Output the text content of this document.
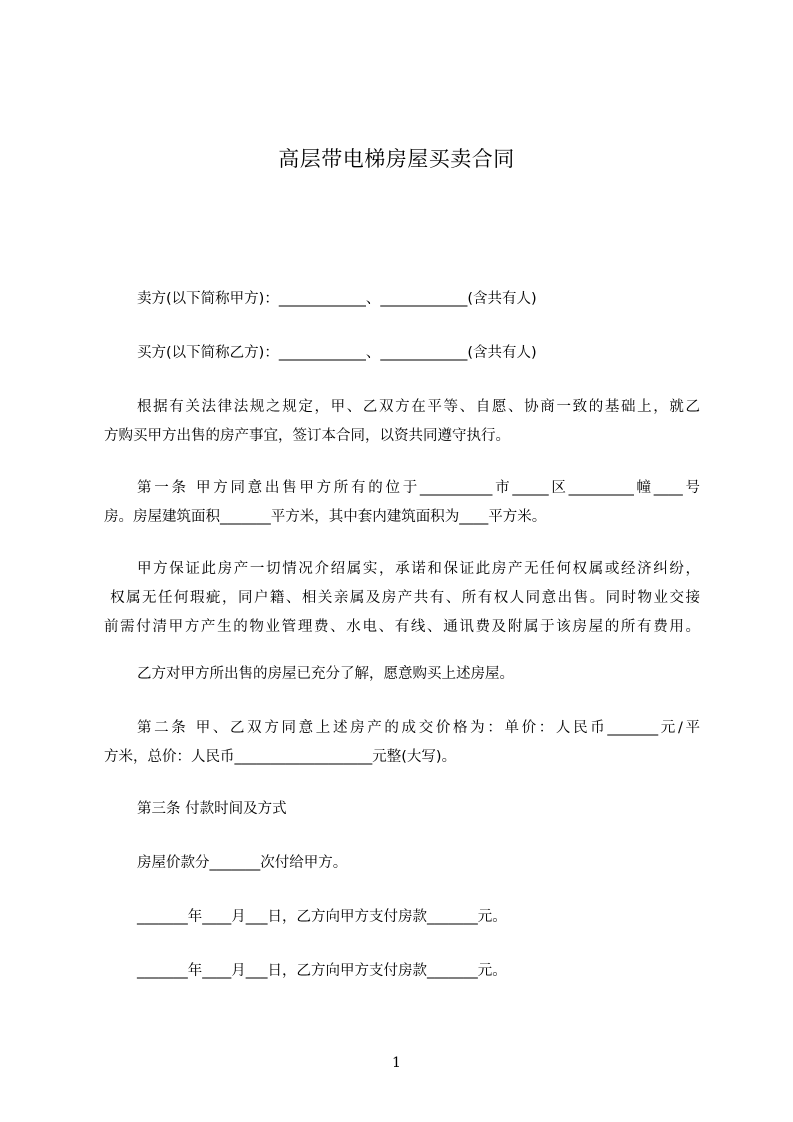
高层带电梯房屋买卖合同
卖方(以下简称甲方)：____________、____________(含共有人)
买方(以下简称乙方)：____________、____________(含共有人)
根据有关法律法规之规定，甲、乙双方在平等、自愿、协商一致的基础上，就乙
方购买甲方出售的房产事宜，签订本合同，以资共同遵守执行。
第一条 甲方同意出售甲方所有的位于__________市_____区_________幢____号
房。房屋建筑面积_______平方米，其中套内建筑面积为____平方米。
甲方保证此房产一切情况介绍属实，承诺和保证此房产无任何权属或经济纠纷，
权属无任何瑕疵，同户籍、相关亲属及房产共有、所有权人同意出售。同时物业交接
前需付清甲方产生的物业管理费、水电、有线、通讯费及附属于该房屋的所有费用。
乙方对甲方所出售的房屋已充分了解，愿意购买上述房屋。
第二条 甲、乙双方同意上述房产的成交价格为：单价：人民币_______元/平
方米，总价：人民币___________________元整(大写)。
第三条 付款时间及方式
房屋价款分_______次付给甲方。
_______年____月___日，乙方向甲方支付房款_______元。
_______年____月___日，乙方向甲方支付房款_______元。
1
